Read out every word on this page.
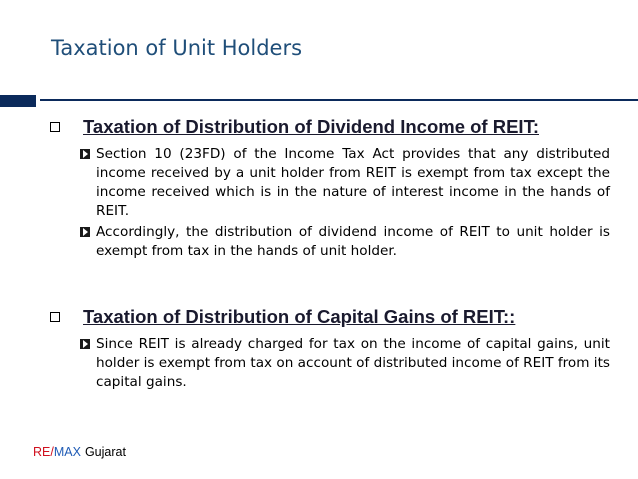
Taxation of Unit Holders
Taxation of Distribution of Dividend Income of REIT:
Section 10 (23FD) of the Income Tax Act provides that any distributed income received by a unit holder from REIT is exempt from tax except the income received which is in the nature of interest income in the hands of REIT.
Accordingly, the distribution of dividend income of REIT to unit holder is exempt from tax in the hands of unit holder.
Taxation of Distribution of Capital Gains of REIT::
Since REIT is already charged for tax on the income of capital gains, unit holder is exempt from tax on account of distributed income of REIT from its capital gains.
RE/MAX Gujarat
